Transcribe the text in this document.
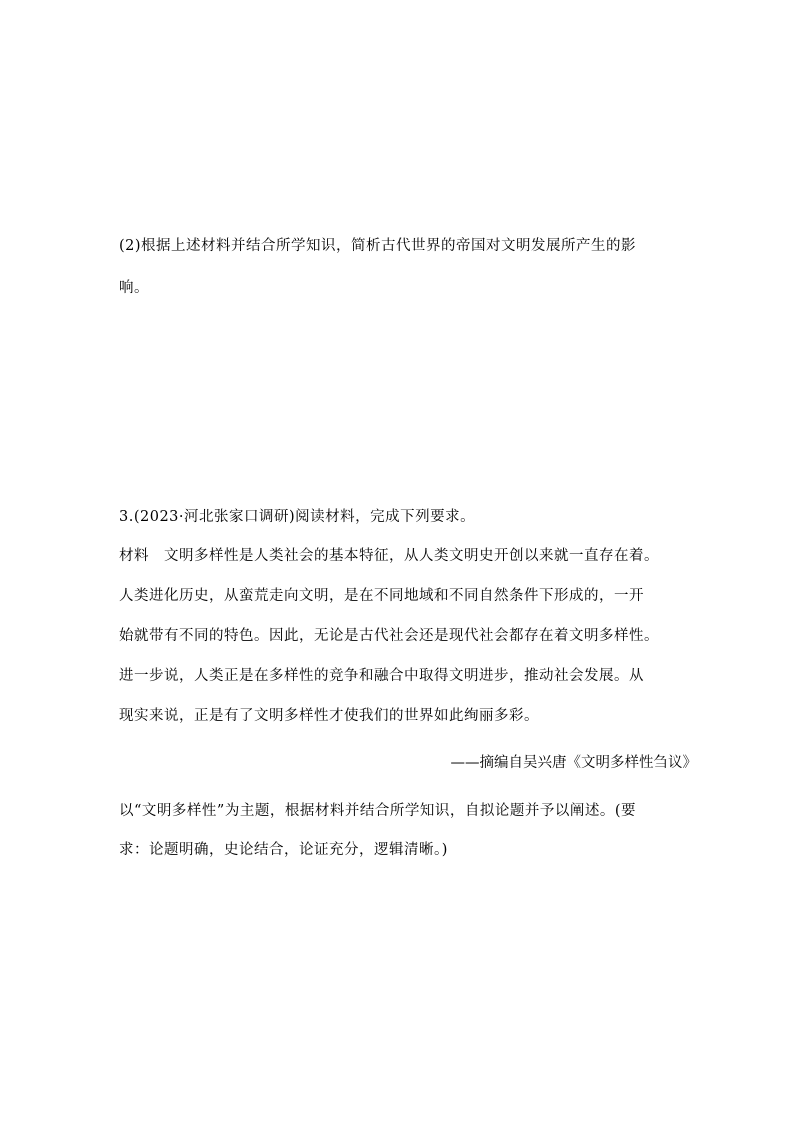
(2)根据上述材料并结合所学知识，简析古代世界的帝国对文明发展所产生的影
响。
3.(2023·河北张家口调研)阅读材料，完成下列要求。
材料　文明多样性是人类社会的基本特征，从人类文明史开创以来就一直存在着。
人类进化历史，从蛮荒走向文明，是在不同地域和不同自然条件下形成的，一开
始就带有不同的特色。因此，无论是古代社会还是现代社会都存在着文明多样性。
进一步说，人类正是在多样性的竞争和融合中取得文明进步，推动社会发展。从
现实来说，正是有了文明多样性才使我们的世界如此绚丽多彩。
——摘编自吴兴唐《文明多样性刍议》
以“文明多样性”为主题，根据材料并结合所学知识，自拟论题并予以阐述。(要
求：论题明确，史论结合，论证充分，逻辑清晰。)
